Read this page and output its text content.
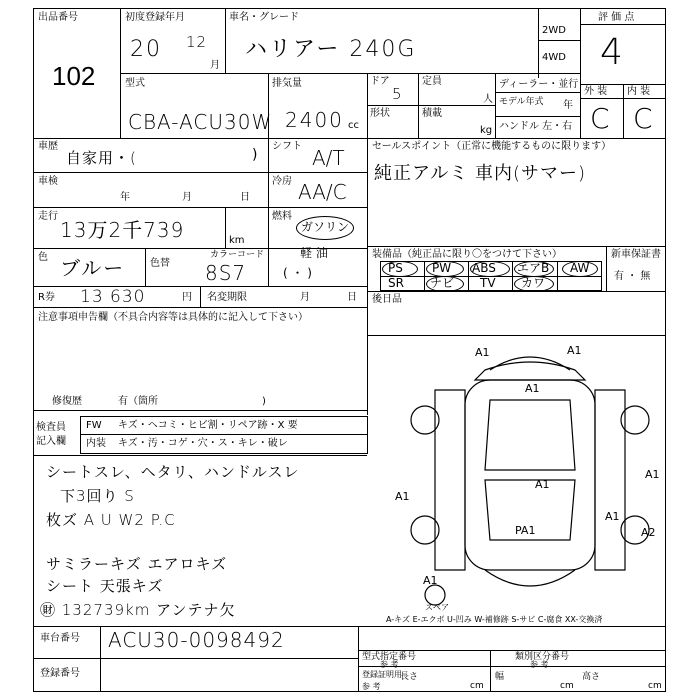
出品番号
102
初度登録年月
20 12
月
車名・グレード
ハリアー 240G
2WD
4WD
評 価 点
4
外 装 内 装
C C
型式
CBA-ACU30W
排気量
2400 cc
ドア
5
形状
定員
人
積載
kg
ディーラー・並行
モデル年式 年
ハンドル 左・右
車歴
自家用・(	)
シフト A/T
車検
年	月	日
冷房 AA/C
走行
13万2千739	km
燃料
ガソリン
軽 油
( ・ )
色 ブルー 色替
カラーコード
8S7
R券 13 630	円 名変期限	月	日
注意事項申告欄（不具合内容等は具体的に記入して下さい）
修復歴	有（箇所	)
検査員
記入欄
FW キズ・ヘコミ・ヒビ割・リペア跡・X 要
内装 キズ・汚・コゲ・穴・ス・キレ・破レ
シートスレ、ヘタリ、ハンドルスレ
下3回り S
枚ズ A U W2 P.C
サミラーキズ エアロキズ
シート 天張キズ
㊖ 132739km アンテナ欠
車台番号 ACU30-0098492
登録番号
セールスポイント（正常に機能するものに限ります）
純正アルミ 車内(サマー)
装備品（純正品に限り〇をつけて下さい）	新車保証書
有 ・ 無
PS PW ABS エアB AW
SR ナビ TV カワ
後日品
A1	A1
A1
A1
A1
A1
A1
A1
A2
PA1
スペア
A-キズ E-エクボ U-凹み W-補修跡 S-サビ C-腐食 XX-交換済
型式指定番号
参 考
類別区分番号
参 考
登録証明用
参 考
長さ
cm
幅
cm
高さ
cm
